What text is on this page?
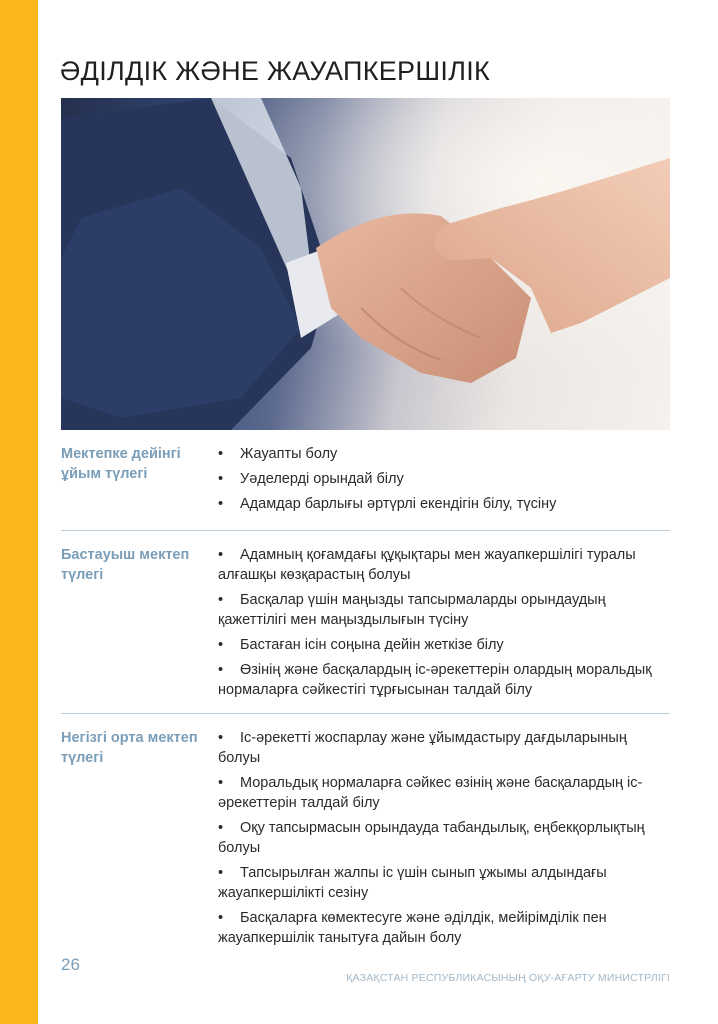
ӘДІЛДІК ЖӘНЕ ЖАУАПКЕРШІЛІК
Мектепке дейінгі ұйым түлегі
• Жауапты болу
• Уәделерді орындай білу
• Адамдар барлығы әртүрлі екендігін білу, түсіну
Бастауыш мектеп түлегі
• Адамның қоғамдағы құқықтары мен жауапкершілігі туралы алғашқы көзқарастың болуы
• Басқалар үшін маңызды тапсырмаларды орындаудың қажеттілігі мен маңыздылығын түсіну
• Бастаған ісін соңына дейін жеткізе білу
• Өзінің және басқалардың іс-әрекеттерін олардың моральдық нормаларға сәйкестігі тұрғысынан талдай білу
Негізгі орта мектеп түлегі
• Іс-әрекетті жоспарлау және ұйымдастыру дағдыларының болуы
• Моральдық нормаларға сәйкес өзінің және басқалардың іс-әрекеттерін талдай білу
• Оқу тапсырмасын орындауда табандылық, еңбекқорлықтың болуы
• Тапсырылған жалпы іс үшін сынып ұжымы алдындағы жауапкершілікті сезіну
• Басқаларға көмектесуге және әділдік, мейірімділік пен жауапкершілік танытуға дайын болу
26
ҚАЗАҚСТАН РЕСПУБЛИКАСЫНЫҢ ОҚУ-АҒАРТУ МИНИСТРЛІГІ
